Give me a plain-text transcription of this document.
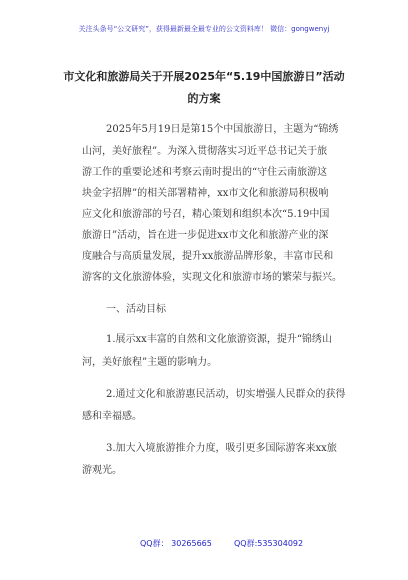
关注头条号“公文研究”，获得最新最全最专业的公文资料库！ 微信：gongwenyj
市文化和旅游局关于开展2025年“5.19中国旅游日”活动
的方案
2025年5月19日是第15个中国旅游日，主题为“锦绣
山河，美好旅程”。为深入贯彻落实习近平总书记关于旅
游工作的重要论述和考察云南时提出的“守住云南旅游这
块金字招牌”的相关部署精神，xx市文化和旅游局积极响
应文化和旅游部的号召，精心策划和组织本次“5.19中国
旅游日”活动，旨在进一步促进xx市文化和旅游产业的深
度融合与高质量发展，提升xx旅游品牌形象，丰富市民和
游客的文化旅游体验，实现文化和旅游市场的繁荣与振兴。
一、活动目标
1.展示xx丰富的自然和文化旅游资源，提升“锦绣山
河，美好旅程”主题的影响力。
2.通过文化和旅游惠民活动，切实增强人民群众的获得
感和幸福感。
3.加大入境旅游推介力度，吸引更多国际游客来xx旅
游观光。
QQ群： 30265665	QQ群:535304092
